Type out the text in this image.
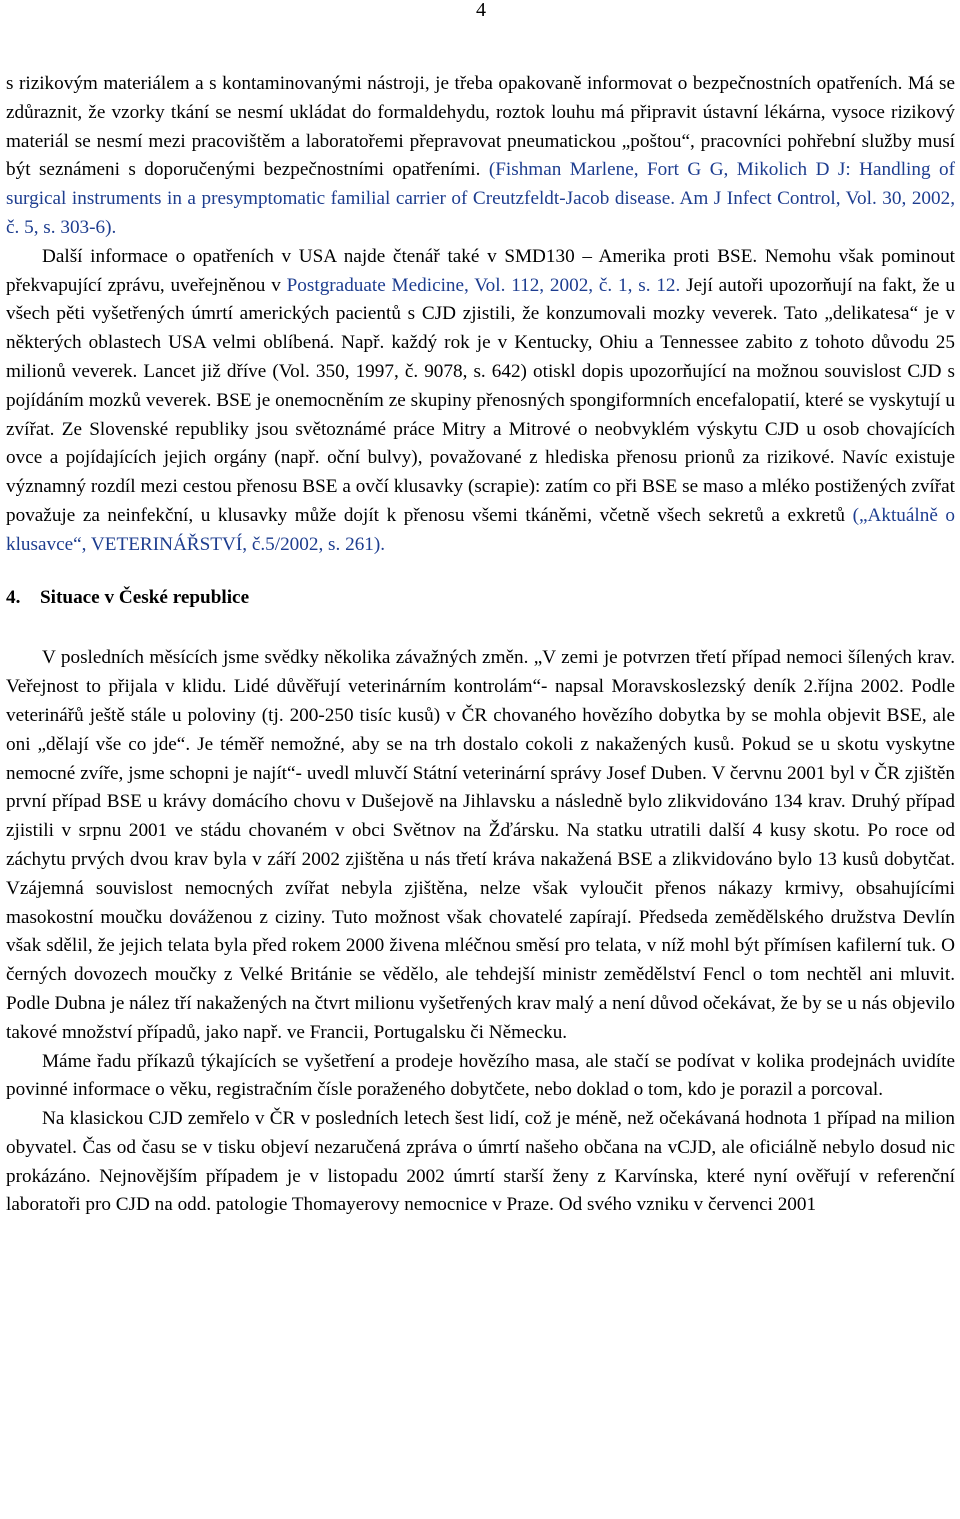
4

s rizikovým materiálem a s kontaminovanými nástroji, je třeba opakovaně informovat o bezpečnostních opatřeních. Má se zdůraznit, že vzorky tkání se nesmí ukládat do formaldehydu, roztok louhu má připravit ústavní lékárna, vysoce rizikový materiál se nesmí mezi pracovištěm a laboratořemi přepravovat pneumatickou „poštou“, pracovníci pohřební služby musí být seznámeni s doporučenými bezpečnostními opatřeními. (Fishman Marlene, Fort G G, Mikolich D J: Handling of surgical instruments in a presymptomatic familial carrier of Creutzfeldt-Jacob disease. Am J Infect Control, Vol. 30, 2002, č. 5, s. 303-6).

Další informace o opatřeních v USA najde čtenář také v SMD130 – Amerika proti BSE. Nemohu však pominout překvapující zprávu, uveřejněnou v Postgraduate Medicine, Vol. 112, 2002, č. 1, s. 12. Její autoři upozorňují na fakt, že u všech pěti vyšetřených úmrtí amerických pacientů s CJD zjistili, že konzumovali mozky veverek. Tato „delikatesa“ je v některých oblastech USA velmi oblíbená. Např. každý rok je v Kentucky, Ohiu a Tennessee zabito z tohoto důvodu 25 milionů veverek. Lancet již dříve (Vol. 350, 1997, č. 9078, s. 642) otiskl dopis upozorňující na možnou souvislost CJD s pojídáním mozků veverek. BSE je onemocněním ze skupiny přenosných spongiformních encefalopatií, které se vyskytují u zvířat. Ze Slovenské republiky jsou světoznámé práce Mitry a Mitrové o neobvyklém výskytu CJD u osob chovajících ovce a pojídajících jejich orgány (např. oční bulvy), považované z hlediska přenosu prionů za rizikové. Navíc existuje významný rozdíl mezi cestou přenosu BSE a ovčí klusavky (scrapie): zatím co při BSE se maso a mléko postižených zvířat považuje za neinfekční, u klusavky může dojít k přenosu všemi tkáněmi, včetně všech sekretů a exkretů („Aktuálně o klusavce“, VETERINÁŘSTVÍ, č.5/2002, s. 261).

4. Situace v České republice

V posledních měsících jsme svědky několika závažných změn. „V zemi je potvrzen třetí případ nemoci šílených krav. Veřejnost to přijala v klidu. Lidé důvěřují veterinárním kontrolám“- napsal Moravskoslezský deník 2.října 2002. Podle veterinářů ještě stále u poloviny (tj. 200-250 tisíc kusů) v ČR chovaného hovězího dobytka by se mohla objevit BSE, ale oni „dělají vše co jde“. Je téměř nemožné, aby se na trh dostalo cokoli z nakažených kusů. Pokud se u skotu vyskytne nemocné zvíře, jsme schopni je najít“- uvedl mluvčí Státní veterinární správy Josef Duben. V červnu 2001 byl v ČR zjištěn první případ BSE u krávy domácího chovu v Dušejově na Jihlavsku a následně bylo zlikvidováno 134 krav. Druhý případ zjistili v srpnu 2001 ve stádu chovaném v obci Světnov na Žďársku. Na statku utratili další 4 kusy skotu. Po roce od záchytu prvých dvou krav byla v září 2002 zjištěna u nás třetí kráva nakažená BSE a zlikvidováno bylo 13 kusů dobytčat. Vzájemná souvislost nemocných zvířat nebyla zjištěna, nelze však vyloučit přenos nákazy krmivy, obsahujícími masokostní moučku dováženou z ciziny. Tuto možnost však chovatelé zapírají. Předseda zemědělského družstva Devlín však sdělil, že jejich telata byla před rokem 2000 živena mléčnou směsí pro telata, v níž mohl být přímísen kafilerní tuk. O černých dovozech moučky z Velké Británie se vědělo, ale tehdejší ministr zemědělství Fencl o tom nechtěl ani mluvit. Podle Dubna je nález tří nakažených na čtvrt milionu vyšetřených krav malý a není důvod očekávat, že by se u nás objevilo takové množství případů, jako např. ve Francii, Portugalsku či Německu.

Máme řadu příkazů týkajících se vyšetření a prodeje hovězího masa, ale stačí se podívat v kolika prodejnách uvidíte povinné informace o věku, registračním čísle poraženého dobytčete, nebo doklad o tom, kdo je porazil a porcoval.

Na klasickou CJD zemřelo v ČR v posledních letech šest lidí, což je méně, než očekávaná hodnota 1 případ na milion obyvatel. Čas od času se v tisku objeví nezaručená zpráva o úmrtí našeho občana na vCJD, ale oficiálně nebylo dosud nic prokázáno. Nejnovějším případem je v listopadu 2002 úmrtí starší ženy z Karvínska, které nyní ověřují v referenční laboratoři pro CJD na odd. patologie Thomayerovy nemocnice v Praze. Od svého vzniku v červenci 2001
